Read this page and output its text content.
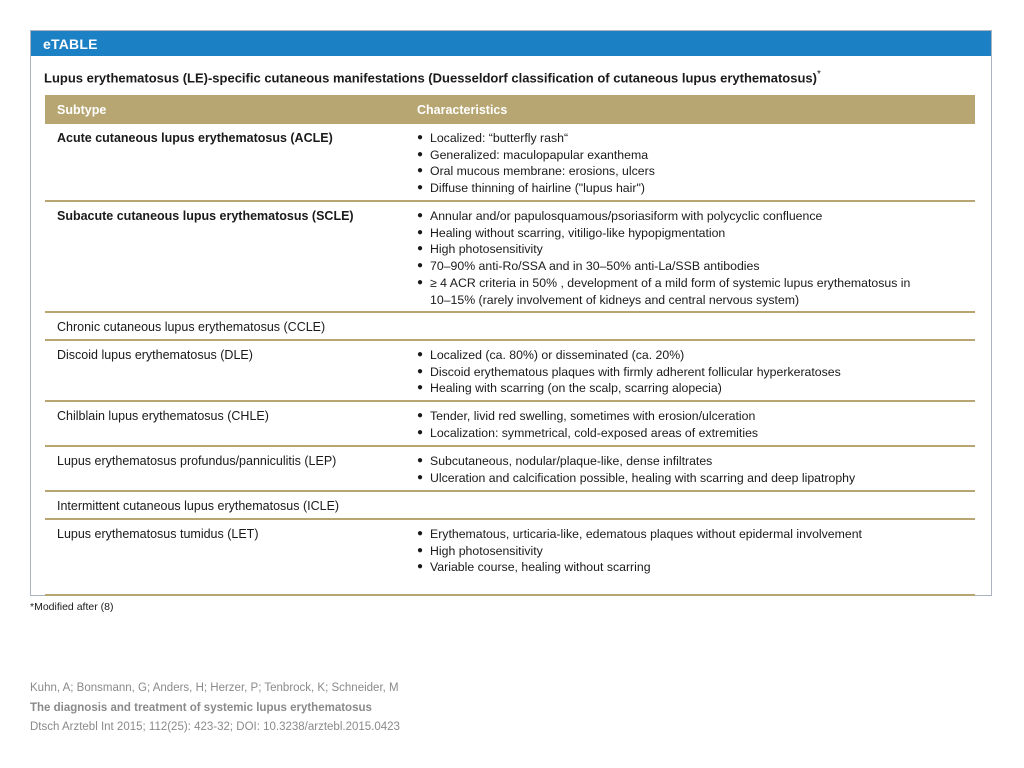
eTABLE
Lupus erythematosus (LE)-specific cutaneous manifestations (Duesseldorf classification of cutaneous lupus erythematosus)*
Subtype	Characteristics
Acute cutaneous lupus erythematosus (ACLE)	● Localized: “butterfly rash“
● Generalized: maculopapular exanthema
● Oral mucous membrane: erosions, ulcers
● Diffuse thinning of hairline ("lupus hair")
Subacute cutaneous lupus erythematosus (SCLE)	● Annular and/or papulosquamous/psoriasiform with polycyclic confluence
● Healing without scarring, vitiligo-like hypopigmentation
● High photosensitivity
● 70–90% anti-Ro/SSA and in 30–50% anti-La/SSB antibodies
● ≥ 4 ACR criteria in 50% , development of a mild form of systemic lupus erythematosus in
10–15% (rarely involvement of kidneys and central nervous system)
Chronic cutaneous lupus erythematosus (CCLE)
Discoid lupus erythematosus (DLE)	● Localized (ca. 80%) or disseminated (ca. 20%)
● Discoid erythematous plaques with firmly adherent follicular hyperkeratoses
● Healing with scarring (on the scalp, scarring alopecia)
Chilblain lupus erythematosus (CHLE)	● Tender, livid red swelling, sometimes with erosion/ulceration
● Localization: symmetrical, cold-exposed areas of extremities
Lupus erythematosus profundus/panniculitis (LEP)	● Subcutaneous, nodular/plaque-like, dense infiltrates
● Ulceration and calcification possible, healing with scarring and deep lipatrophy
Intermittent cutaneous lupus erythematosus (ICLE)
Lupus erythematosus tumidus (LET)	● Erythematous, urticaria-like, edematous plaques without epidermal involvement
● High photosensitivity
● Variable course, healing without scarring
*Modified after (8)
Kuhn, A; Bonsmann, G; Anders, H; Herzer, P; Tenbrock, K; Schneider, M
The diagnosis and treatment of systemic lupus erythematosus
Dtsch Arztebl Int 2015; 112(25): 423-32; DOI: 10.3238/arztebl.2015.0423
